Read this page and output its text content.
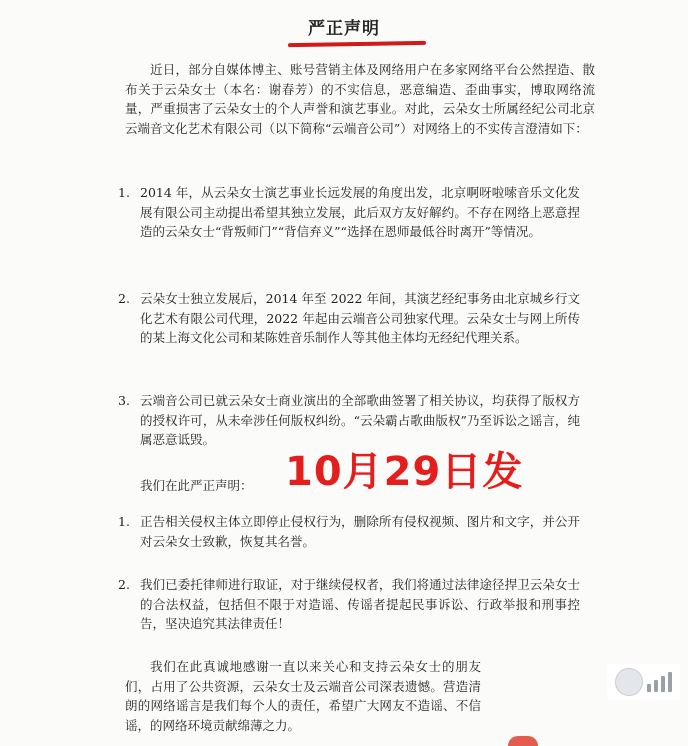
严正声明

近日，部分自媒体博主、账号营销主体及网络用户在多家网络平台公然捏造、散布关于云朵女士（本名：谢春芳）的不实信息，恶意编造、歪曲事实，博取网络流量，严重损害了云朵女士的个人声誉和演艺事业。对此，云朵女士所属经纪公司北京云端音文化艺术有限公司（以下简称“云端音公司”）对网络上的不实传言澄清如下：

1. 2014 年，从云朵女士演艺事业长远发展的角度出发，北京啊呀啦嗦音乐文化发展有限公司主动提出希望其独立发展，此后双方友好解约。不存在网络上恶意捏造的云朵女士“背叛师门”“背信弃义”“选择在恩师最低谷时离开”等情况。
2. 云朵女士独立发展后，2014 年至 2022 年间，其演艺经纪事务由北京城乡行文化艺术有限公司代理，2022 年起由云端音公司独家代理。云朵女士与网上所传的某上海文化公司和某陈姓音乐制作人等其他主体均无经纪代理关系。
3. 云端音公司已就云朵女士商业演出的全部歌曲签署了相关协议，均获得了版权方的授权许可，从未牵涉任何版权纠纷。“云朵霸占歌曲版权”乃至诉讼之谣言，纯属恶意诋毁。
我们在此严正声明： 10月29日发
1. 正告相关侵权主体立即停止侵权行为，删除所有侵权视频、图片和文字，并公开对云朵女士致歉，恢复其名誉。
2. 我们已委托律师进行取证，对于继续侵权者，我们将通过法律途径捍卫云朵女士的合法权益，包括但不限于对造谣、传谣者提起民事诉讼、行政举报和刑事控告，坚决追究其法律责任！

我们在此真诚地感谢一直以来关心和支持云朵女士的朋友们，占用了公共资源，云朵女士及云端音公司深表遗憾。营造清朗的网络谣言是我们每个人的责任，希望广大网友不造谣、不信谣，的网络环境贡献绵薄之力。
